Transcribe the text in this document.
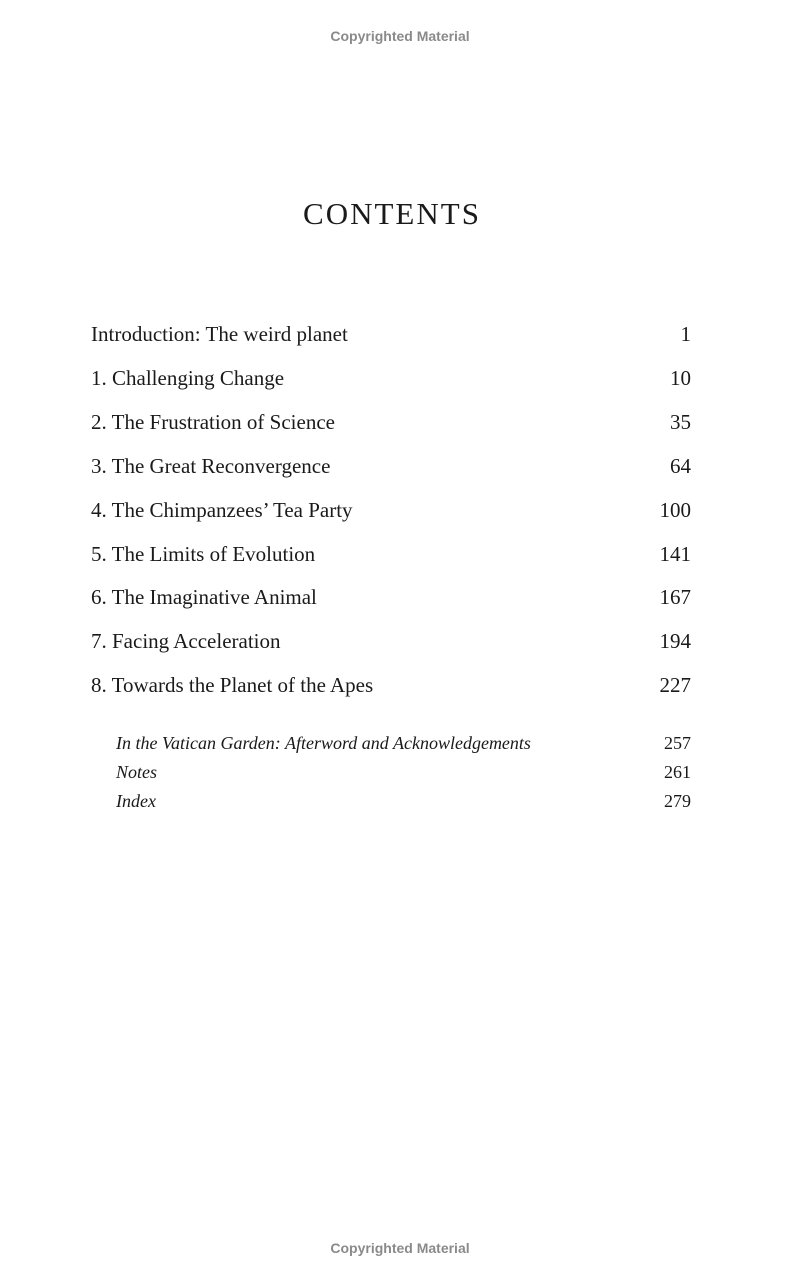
Copyrighted Material
CONTENTS
Introduction: The weird planet	1
1. Challenging Change	10
2. The Frustration of Science	35
3. The Great Reconvergence	64
4. The Chimpanzees’ Tea Party	100
5. The Limits of Evolution	141
6. The Imaginative Animal	167
7. Facing Acceleration	194
8. Towards the Planet of the Apes	227
In the Vatican Garden: Afterword and Acknowledgements	257
Notes	261
Index	279
Copyrighted Material
